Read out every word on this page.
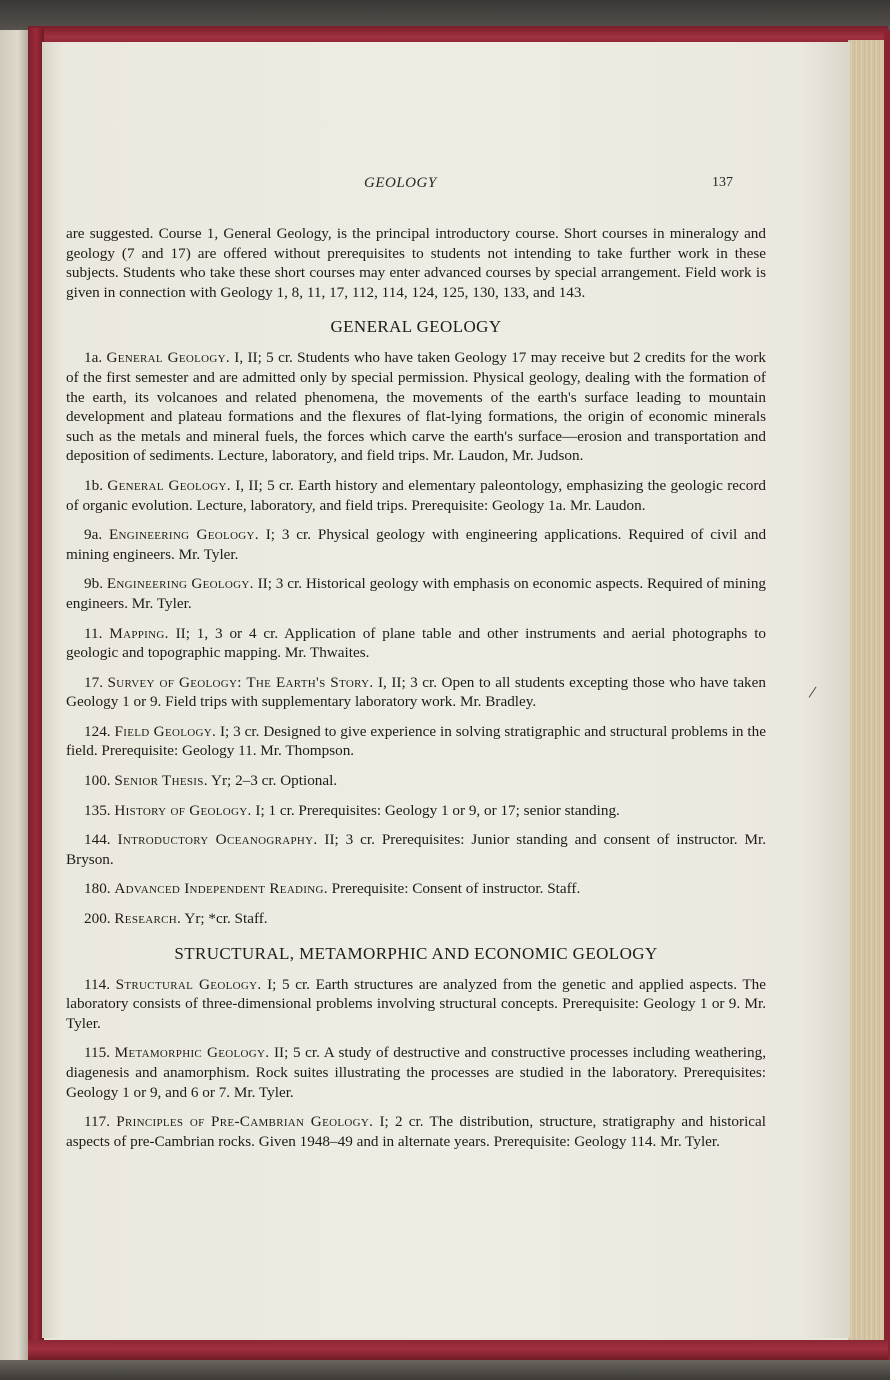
GEOLOGY	137
/

are suggested. Course 1, General Geology, is the principal introductory course. Short courses in mineralogy and geology (7 and 17) are offered without prerequisites to students not intending to take further work in these subjects. Students who take these short courses may enter advanced courses by special arrangement. Field work is given in connection with Geology 1, 8, 11, 17, 112, 114, 124, 125, 130, 133, and 143.

GENERAL GEOLOGY

1a. General Geology. I, II; 5 cr. Students who have taken Geology 17 may receive but 2 credits for the work of the first semester and are admitted only by special permission. Physical geology, dealing with the formation of the earth, its volcanoes and related phenomena, the movements of the earth's surface leading to mountain development and plateau formations and the flexures of flat-lying formations, the origin of economic minerals such as the metals and mineral fuels, the forces which carve the earth's surface—erosion and transportation and deposition of sediments. Lecture, laboratory, and field trips. Mr. Laudon, Mr. Judson.

1b. General Geology. I, II; 5 cr. Earth history and elementary paleontology, emphasizing the geologic record of organic evolution. Lecture, laboratory, and field trips. Prerequisite: Geology 1a. Mr. Laudon.

9a. Engineering Geology. I; 3 cr. Physical geology with engineering applications. Required of civil and mining engineers. Mr. Tyler.

9b. Engineering Geology. II; 3 cr. Historical geology with emphasis on economic aspects. Required of mining engineers. Mr. Tyler.

11. Mapping. II; 1, 3 or 4 cr. Application of plane table and other instruments and aerial photographs to geologic and topographic mapping. Mr. Thwaites.

17. Survey of Geology: The Earth's Story. I, II; 3 cr. Open to all students excepting those who have taken Geology 1 or 9. Field trips with supplementary laboratory work. Mr. Bradley.

124. Field Geology. I; 3 cr. Designed to give experience in solving stratigraphic and structural problems in the field. Prerequisite: Geology 11. Mr. Thompson.

100. Senior Thesis. Yr; 2–3 cr. Optional.

135. History of Geology. I; 1 cr. Prerequisites: Geology 1 or 9, or 17; senior standing.

144. Introductory Oceanography. II; 3 cr. Prerequisites: Junior standing and consent of instructor. Mr. Bryson.

180. Advanced Independent Reading. Prerequisite: Consent of instructor. Staff.

200. Research. Yr; *cr. Staff.

STRUCTURAL, METAMORPHIC AND ECONOMIC GEOLOGY

114. Structural Geology. I; 5 cr. Earth structures are analyzed from the genetic and applied aspects. The laboratory consists of three-dimensional problems involving structural concepts. Prerequisite: Geology 1 or 9. Mr. Tyler.

115. Metamorphic Geology. II; 5 cr. A study of destructive and constructive processes including weathering, diagenesis and anamorphism. Rock suites illustrating the processes are studied in the laboratory. Prerequisites: Geology 1 or 9, and 6 or 7. Mr. Tyler.

117. Principles of Pre-Cambrian Geology. I; 2 cr. The distribution, structure, stratigraphy and historical aspects of pre-Cambrian rocks. Given 1948–49 and in alternate years. Prerequisite: Geology 114. Mr. Tyler.
